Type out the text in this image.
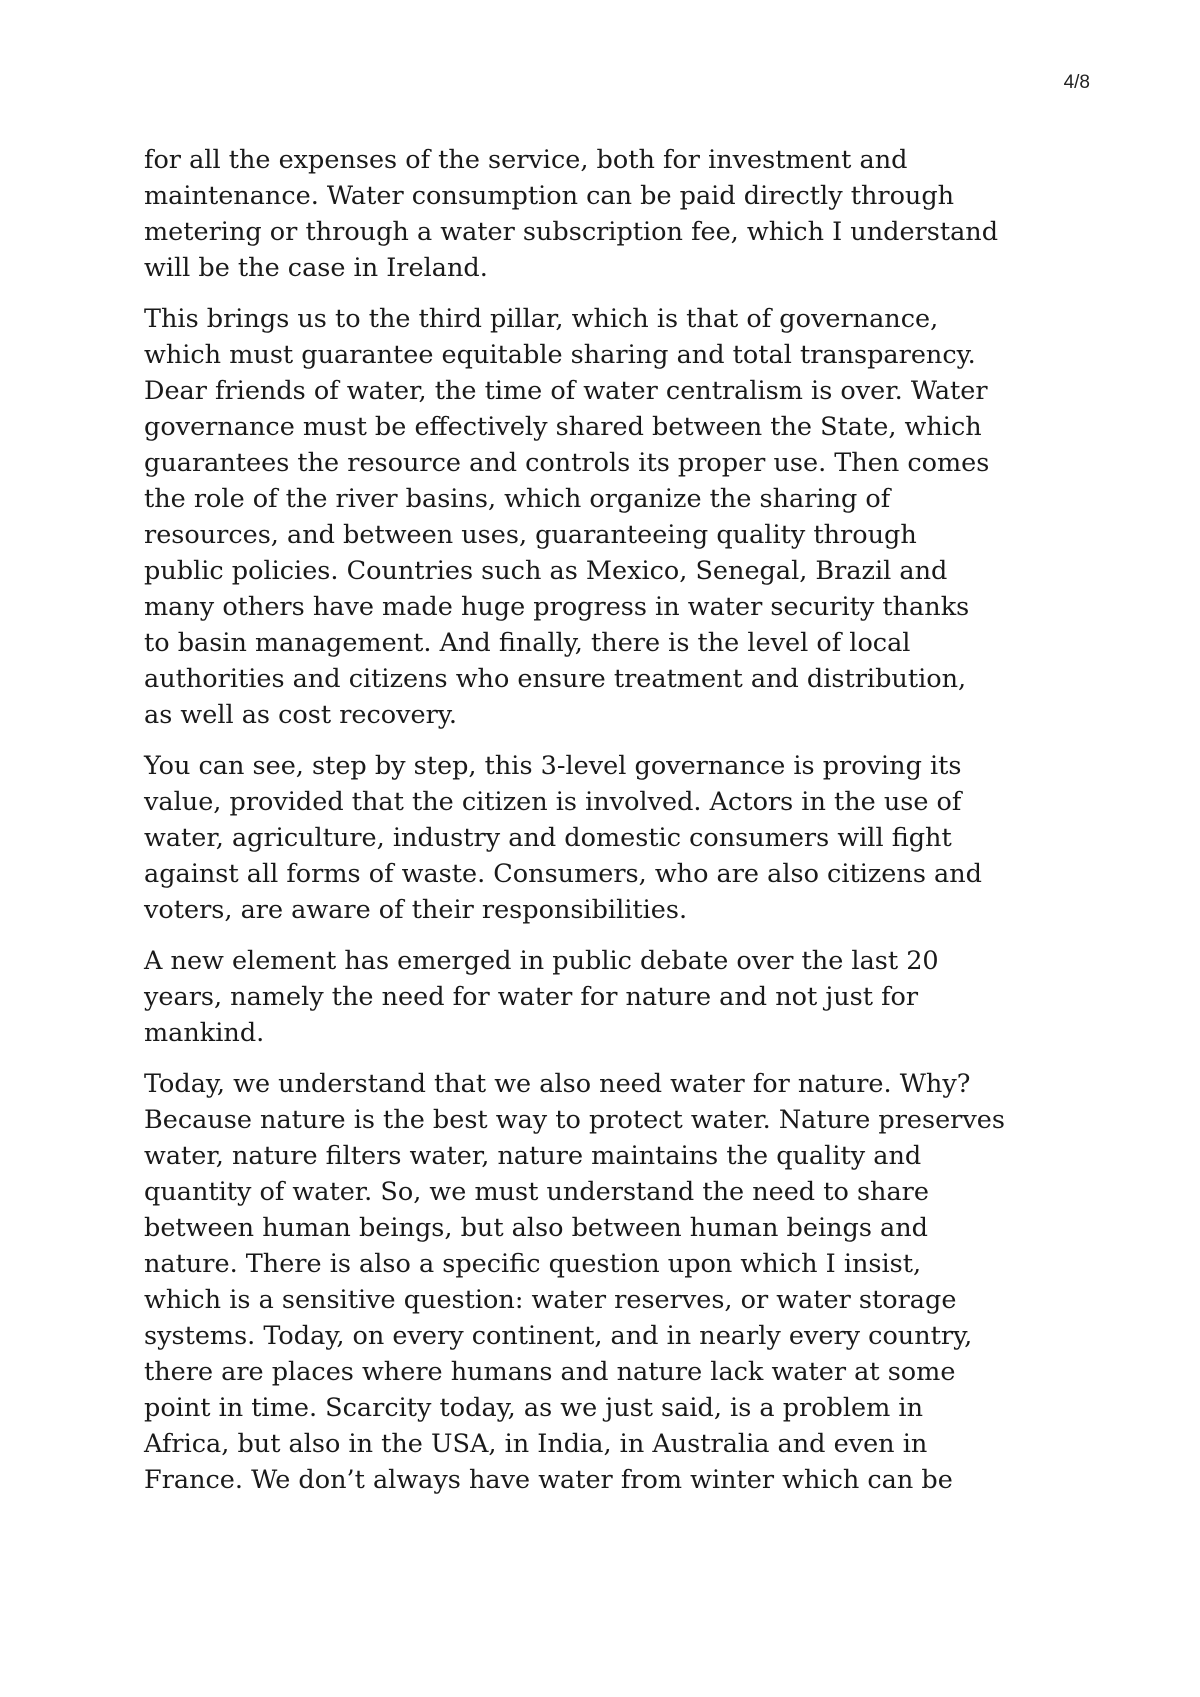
4/8

for all the expenses of the service, both for investment and
maintenance. Water consumption can be paid directly through
metering or through a water subscription fee, which I understand
will be the case in Ireland.

This brings us to the third pillar, which is that of governance,
which must guarantee equitable sharing and total transparency.
Dear friends of water, the time of water centralism is over. Water
governance must be effectively shared between the State, which
guarantees the resource and controls its proper use. Then comes
the role of the river basins, which organize the sharing of
resources, and between uses, guaranteeing quality through
public policies. Countries such as Mexico, Senegal, Brazil and
many others have made huge progress in water security thanks
to basin management. And finally, there is the level of local
authorities and citizens who ensure treatment and distribution,
as well as cost recovery.

You can see, step by step, this 3-level governance is proving its
value, provided that the citizen is involved. Actors in the use of
water, agriculture, industry and domestic consumers will fight
against all forms of waste. Consumers, who are also citizens and
voters, are aware of their responsibilities.

A new element has emerged in public debate over the last 20
years, namely the need for water for nature and not just for
mankind.

Today, we understand that we also need water for nature. Why?
Because nature is the best way to protect water. Nature preserves
water, nature filters water, nature maintains the quality and
quantity of water. So, we must understand the need to share
between human beings, but also between human beings and
nature. There is also a specific question upon which I insist,
which is a sensitive question: water reserves, or water storage
systems. Today, on every continent, and in nearly every country,
there are places where humans and nature lack water at some
point in time. Scarcity today, as we just said, is a problem in
Africa, but also in the USA, in India, in Australia and even in
France. We don’t always have water from winter which can be
